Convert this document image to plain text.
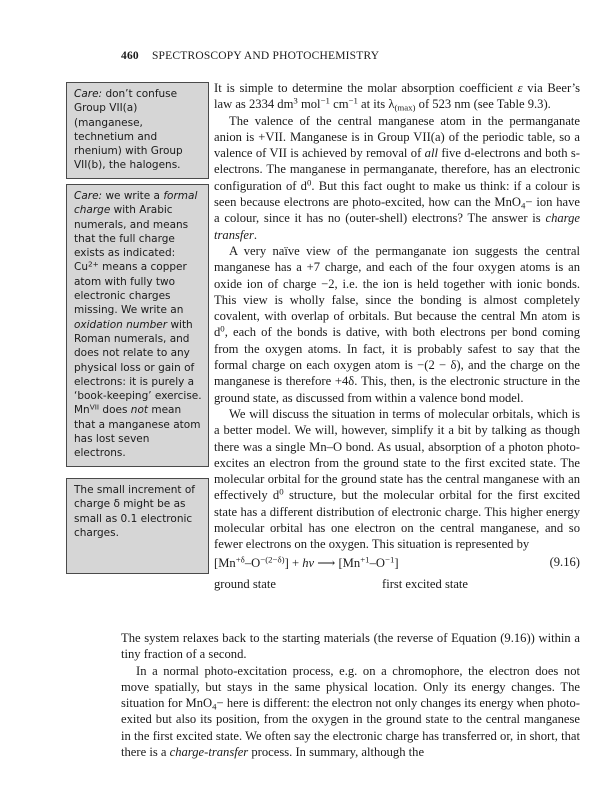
460 SPECTROSCOPY AND PHOTOCHEMISTRY
Care: don’t confuse Group VII(a) (manganese, technetium and rhenium) with Group VII(b), the halogens.
Care: we write a formal charge with Arabic numerals, and means that the full charge exists as indicated: $Cu^{2+}$ means a copper atom with fully two electronic charges missing. We write an oxidation number with Roman numerals, and does not relate to any physical loss or gain of electrons: it is purely a ‘book-keeping’ exercise. $Mn^{VII}$ does not mean that a manganese atom has lost seven electrons.
The small increment of charge δ might be as small as 0.1 electronic charges.

It is simple to determine the molar absorption coefficient ε via Beer’s law as 2334 $dm^3$ mol$^{-1}$ $cm^{-1}$ at its $\lambda_{(max)}$ of 523 nm (see Table 9.3).

The valence of the central manganese atom in the permanganate anion is +VII. Manganese is in Group VII(a) of the periodic table, so a valence of VII is achieved by removal of all five d-electrons and both s-electrons. The manganese in permanganate, therefore, has an electronic configuration of $d^0$. But this fact ought to make us think: if a colour is seen because electrons are photo-excited, how can the MnO$_4$− ion have a colour, since it has no (outer-shell) electrons? The answer is charge transfer.

A very naïve view of the permanganate ion suggests the central manganese has a +7 charge, and each of the four oxygen atoms is an oxide ion of charge −2, i.e. the ion is held together with ionic bonds. This view is wholly false, since the bonding is almost completely covalent, with overlap of orbitals. But because the central Mn atom is $d^0$, each of the bonds is dative, with both electrons per bond coming from the oxygen atoms. In fact, it is probably safest to say that the formal charge on each oxygen atom is −(2 − δ), and the charge on the manganese is therefore +4δ. This, then, is the electronic structure in the ground state, as discussed from within a valence bond model.

We will discuss the situation in terms of molecular orbitals, which is a better model. We will, however, simplify it a bit by talking as though there was a single Mn–O bond. As usual, absorption of a photon photo-excites an electron from the ground state to the first excited state. The molecular orbital for the ground state has the central manganese with an effectively $d^0$ structure, but the molecular orbital for the first excited state has a different distribution of electronic charge. This higher energy molecular orbital has one electron on the central manganese, and so fewer electrons on the oxygen. This situation is represented by

$[Mn^{+\delta}-O^{-(2-\delta)}] + h\nu$ ⟶ $[Mn^{+1}-O^{-1}]$	(9.16)
ground state	first excited state

The system relaxes back to the starting materials (the reverse of Equation (9.16)) within a tiny fraction of a second.

In a normal photo-excitation process, e.g. on a chromophore, the electron does not move spatially, but stays in the same physical location. Only its energy changes. The situation for MnO$_4$− here is different: the electron not only changes its energy when photo-exited but also its position, from the oxygen in the ground state to the central manganese in the first excited state. We often say the electronic charge has transferred or, in short, that there is a charge-transfer process. In summary, although the
